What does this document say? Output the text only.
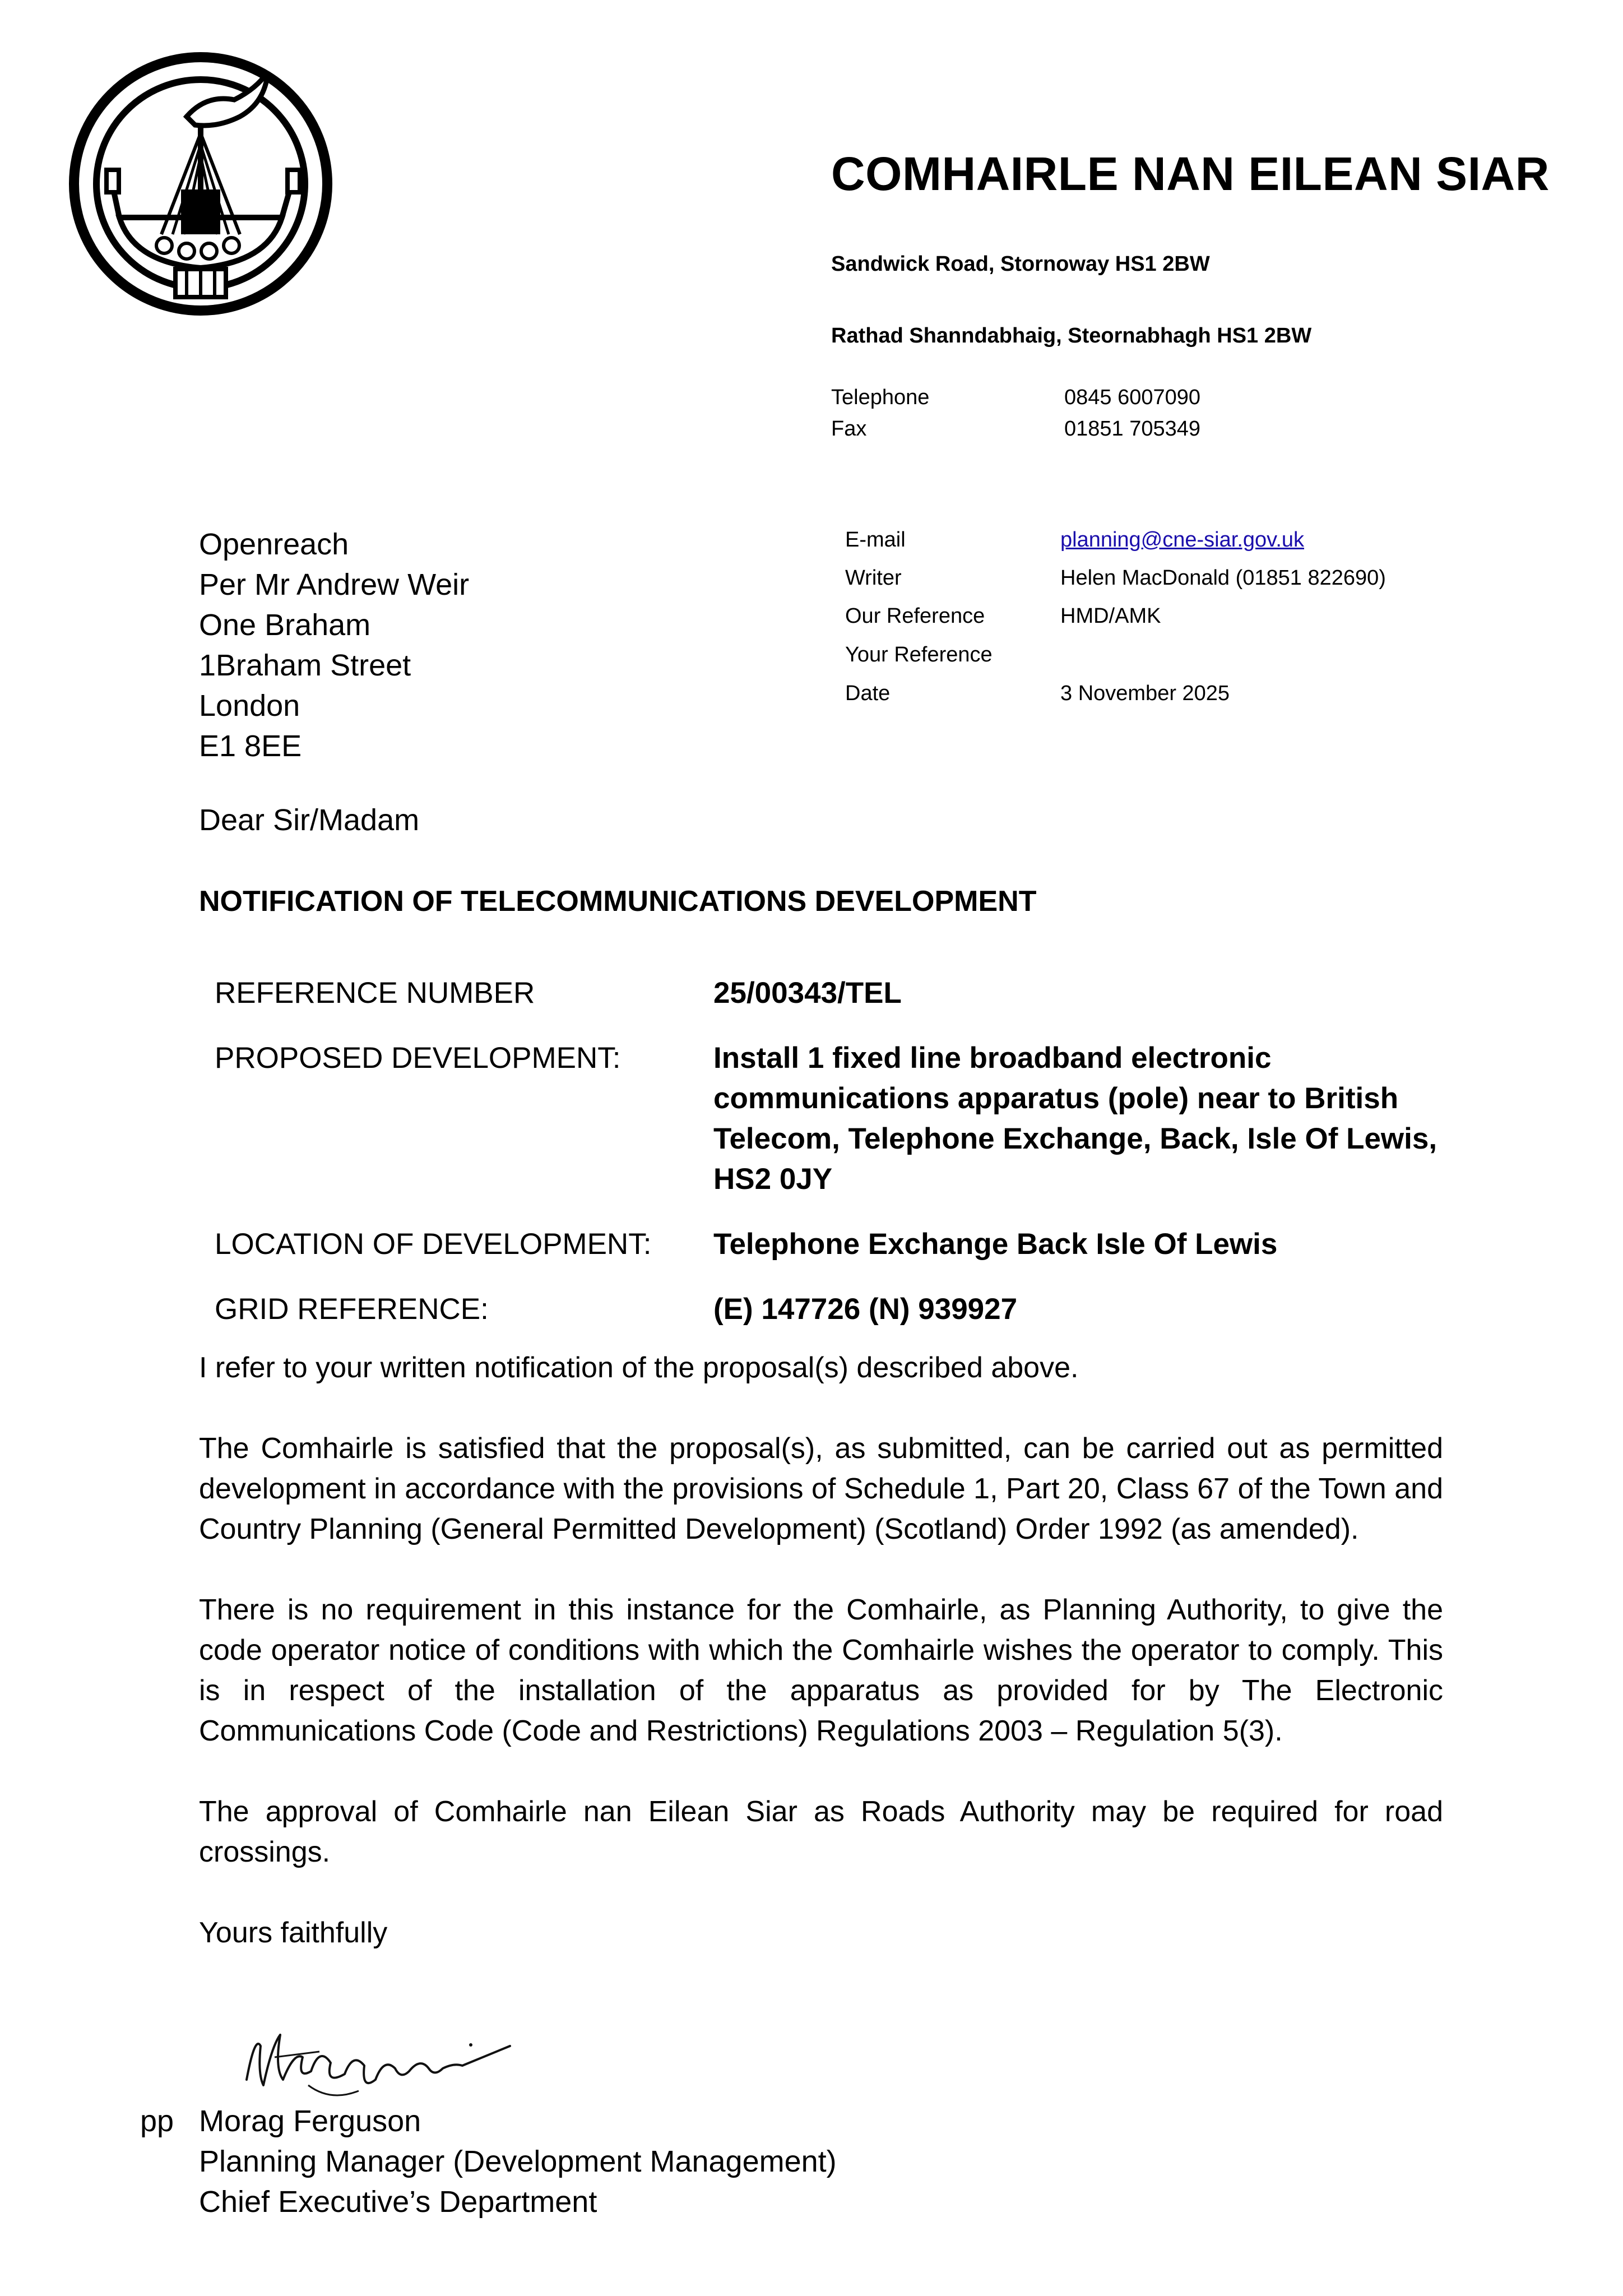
COMHAIRLE NAN EILEAN SIAR
Sandwick Road, Stornoway HS1 2BW
Rathad Shanndabhaig, Steornabhagh HS1 2BW
Telephone	0845 6007090
Fax	01851 705349
Openreach
Per Mr Andrew Weir
One Braham
1Braham Street
London
E1 8EE
E-mail	planning@cne-siar.gov.uk
Writer	Helen MacDonald (01851 822690)
Our Reference	HMD/AMK
Your Reference
Date	3 November 2025
Dear Sir/Madam
NOTIFICATION OF TELECOMMUNICATIONS DEVELOPMENT
REFERENCE NUMBER	25/00343/TEL
PROPOSED DEVELOPMENT:	Install 1 fixed line broadband electronic communications apparatus (pole) near to British Telecom, Telephone Exchange, Back, Isle Of Lewis, HS2 0JY
LOCATION OF DEVELOPMENT: Telephone Exchange Back Isle Of Lewis
GRID REFERENCE:	(E) 147726 (N) 939927
I refer to your written notification of the proposal(s) described above.
The Comhairle is satisfied that the proposal(s), as submitted, can be carried out as permitted development in accordance with the provisions of Schedule 1, Part 20, Class 67 of the Town and Country Planning (General Permitted Development) (Scotland) Order 1992 (as amended).
There is no requirement in this instance for the Comhairle, as Planning Authority, to give the code operator notice of conditions with which the Comhairle wishes the operator to comply. This is in respect of the installation of the apparatus as provided for by The Electronic Communications Code (Code and Restrictions) Regulations 2003 – Regulation 5(3).
The approval of Comhairle nan Eilean Siar as Roads Authority may be required for road crossings.
Yours faithfully
pp Morag Ferguson
Planning Manager (Development Management)
Chief Executive’s Department
